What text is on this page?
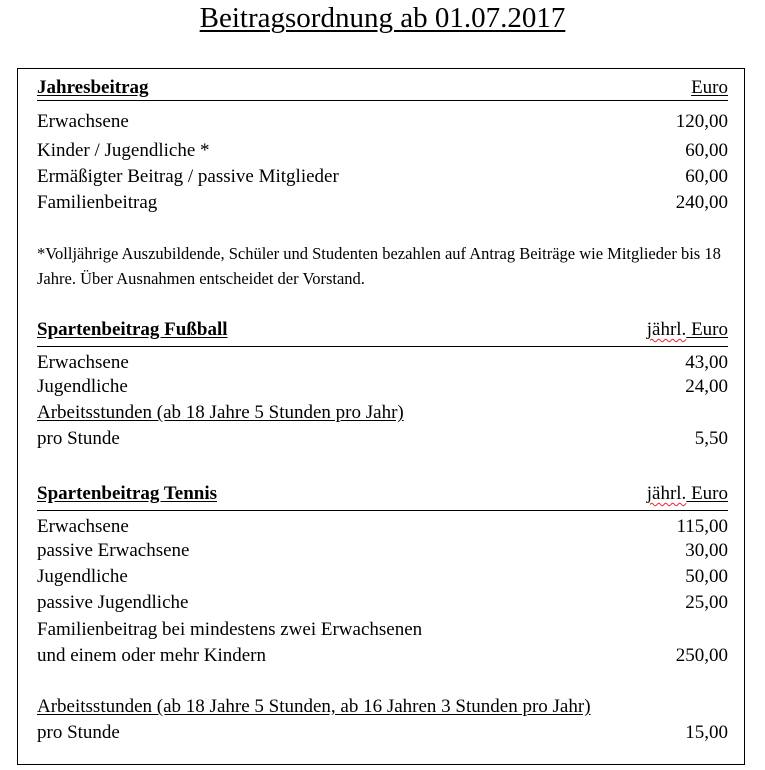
Beitragsordnung ab 01.07.2017
Jahresbeitrag	Euro
Erwachsene	120,00
Kinder / Jugendliche *	60,00
Ermäßigter Beitrag / passive Mitglieder	60,00
Familienbeitrag	240,00
*Volljährige Auszubildende, Schüler und Studenten bezahlen auf Antrag Beiträge wie Mitglieder bis 18 Jahre. Über Ausnahmen entscheidet der Vorstand.
Spartenbeitrag Fußball	jährl. Euro
Erwachsene	43,00
Jugendliche	24,00
Arbeitsstunden (ab 18 Jahre 5 Stunden pro Jahr)
pro Stunde	5,50
Spartenbeitrag Tennis	jährl. Euro
Erwachsene	115,00
passive Erwachsene	30,00
Jugendliche	50,00
passive Jugendliche	25,00
Familienbeitrag bei mindestens zwei Erwachsenen
und einem oder mehr Kindern	250,00
Arbeitsstunden (ab 18 Jahre 5 Stunden, ab 16 Jahren 3 Stunden pro Jahr)
pro Stunde	15,00
